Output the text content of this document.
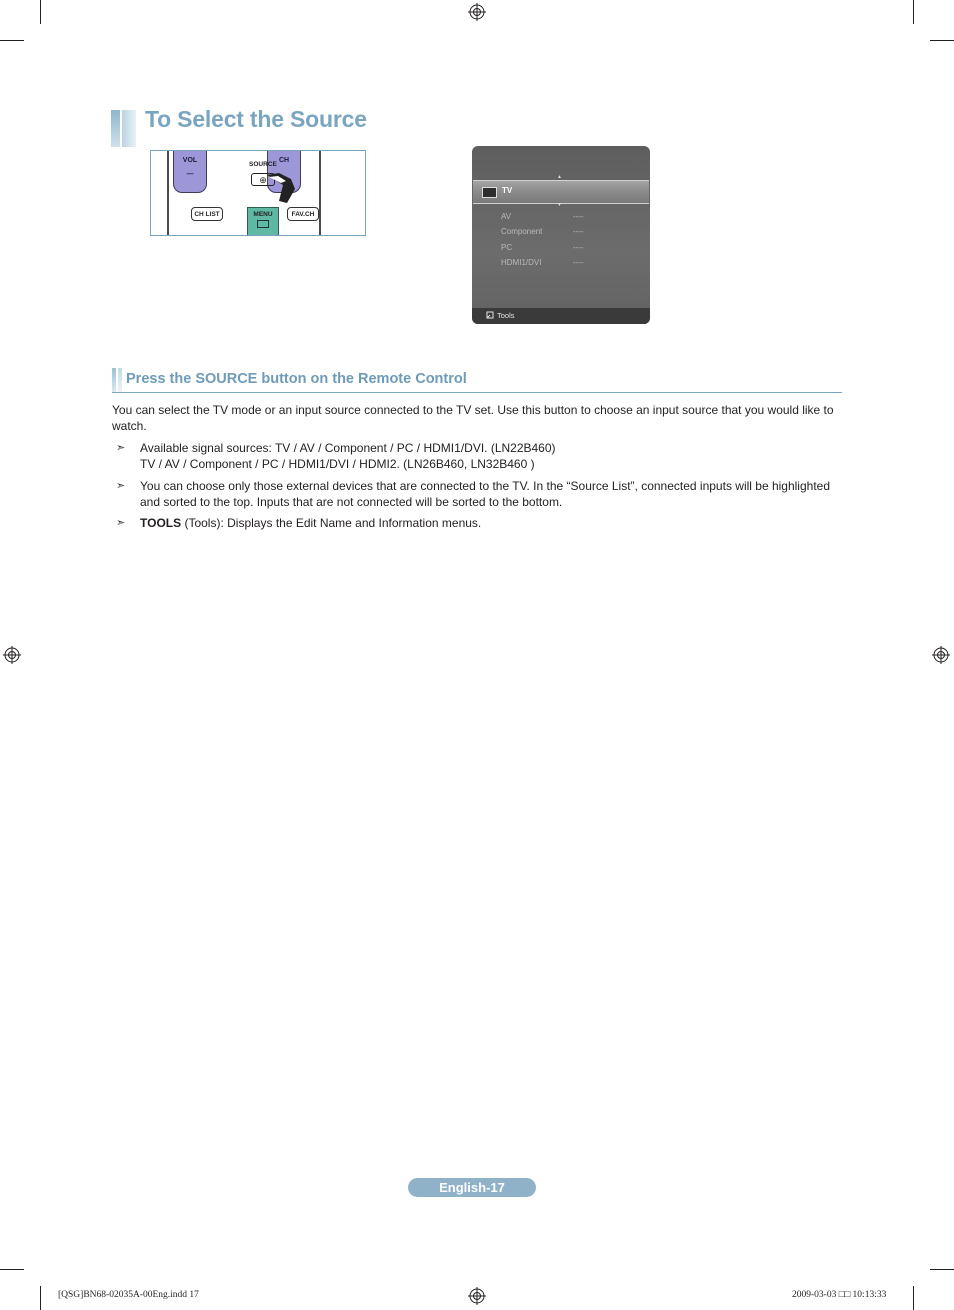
To Select the Source
VOL
—
CH
SOURCE
⊕
CH LIST	MENU	FAV.CH
▲
TV
▼
AV	----
Component	----
PC	----
HDMI1/DVI	----
Tools
Press the SOURCE button on the Remote Control
You can select the TV mode or an input source connected to the TV set. Use this button to choose an input source that you would like to watch.
➣ Available signal sources: TV / AV / Component / PC / HDMI1/DVI. (LN22B460)
TV / AV / Component / PC / HDMI1/DVI / HDMI2. (LN26B460, LN32B460 )
➣ You can choose only those external devices that are connected to the TV. In the “Source List”, connected inputs will be highlighted and sorted to the top. Inputs that are not connected will be sorted to the bottom.
➣ TOOLS (Tools): Displays the Edit Name and Information menus.
English-17
[QSG]BN68-02035A-00Eng.indd 17	2009-03-03 □□ 10:13:33
